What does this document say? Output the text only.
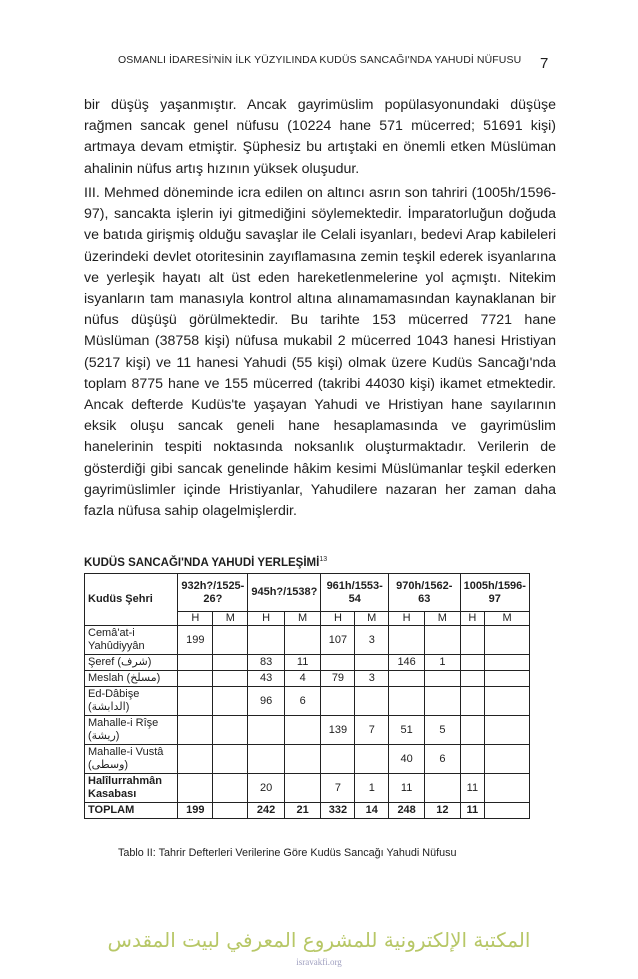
OSMANLI İDARESİ'NİN İLK YÜZYILINDA KUDÜS SANCAĞI'NDA YAHUDİ NÜFUSU	7

bir düşüş yaşanmıştır. Ancak gayrimüslim popülasyonundaki düşüşe rağmen sancak genel nüfusu (10224 hane 571 mücerred; 51691 kişi) artmaya devam etmiştir. Şüphesiz bu artıştaki en önemli etken Müslüman ahalinin nüfus artış hızının yüksek oluşudur.

III. Mehmed döneminde icra edilen on altıncı asrın son tahriri (1005h/1596-97), sancakta işlerin iyi gitmediğini söylemektedir. İmparatorluğun doğuda ve batıda girişmiş olduğu savaşlar ile Celali isyanları, bedevi Arap kabileleri üzerindeki devlet otoritesinin zayıflamasına zemin teşkil ederek isyanlarına ve yerleşik hayatı alt üst eden hareketlenmelerine yol açmıştı. Nitekim isyanların tam manasıyla kontrol altına alınamamasından kaynaklanan bir nüfus düşüşü görülmektedir. Bu tarihte 153 mücerred 7721 hane Müslüman (38758 kişi) nüfusa mukabil 2 mücerred 1043 hanesi Hristiyan (5217 kişi) ve 11 hanesi Yahudi (55 kişi) olmak üzere Kudüs Sancağı'nda toplam 8775 hane ve 155 mücerred (takribi 44030 kişi) ikamet etmektedir. Ancak defterde Kudüs'te yaşayan Yahudi ve Hristiyan hane sayılarının eksik oluşu sancak geneli hane hesaplamasında ve gayrimüslim hanelerinin tespiti noktasında noksanlık oluşturmaktadır. Verilerin de gösterdiği gibi sancak genelinde hâkim kesimi Müslümanlar teşkil ederken gayrimüslimler içinde Hristiyanlar, Yahudilere nazaran her zaman daha fazla nüfusa sahip olagelmişlerdir.

KUDÜS SANCAĞI'NDA YAHUDİ YERLEŞİMİ$^{13}$
Kudüs Şehri	932h?/1525-26?		945h?/1538?		961h/1553-54		970h/1562-63		1005h/1596-97	
	H	M	H	M	H	M	H	M	H	M
Cemâ'at-i Yahûdiyyân	199				107	3				
Şeref (شرف)			83	11			146	1		
Meslah (مسلخ)			43	4	79	3				
Ed-Dâbişe (الدابشة)			96	6						
Mahalle-i Rîşe (ريشة)					139	7	51	5		
Mahalle-i Vustâ (وسطى)							40	6		
Halîlurrahmân Kasabası			20		7	1	11		11	
TOPLAM	199		242	21	332	14	248	12	11	
Tablo II: Tahrir Defterleri Verilerine Göre Kudüs Sancağı Yahudi Nüfusu
المكتبة الإلكترونية للمشروع المعرفي لبيت المقدس
isravakfi.org
